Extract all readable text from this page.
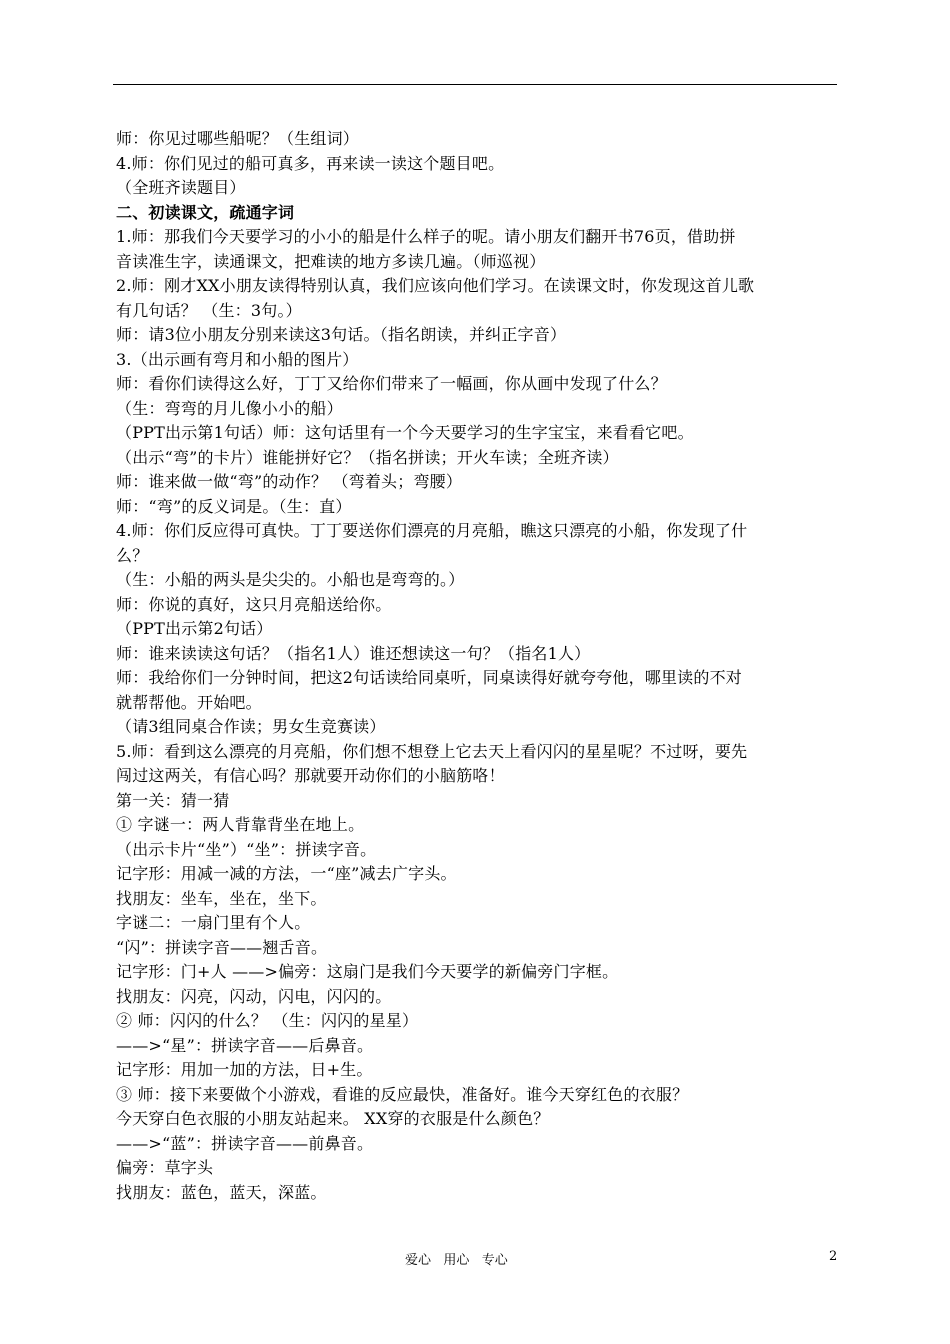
师：你见过哪些船呢？（生组词）
4.师：你们见过的船可真多，再来读一读这个题目吧。
（全班齐读题目）
二、初读课文，疏通字词
1.师：那我们今天要学习的小小的船是什么样子的呢。请小朋友们翻开书76页，借助拼
音读准生字，读通课文，把难读的地方多读几遍。（师巡视）
2.师：刚才XX小朋友读得特别认真，我们应该向他们学习。在读课文时，你发现这首儿歌
有几句话？ （生：3句。）
师：请3位小朋友分别来读这3句话。（指名朗读，并纠正字音）
3.（出示画有弯月和小船的图片）
师：看你们读得这么好，丁丁又给你们带来了一幅画，你从画中发现了什么？
（生：弯弯的月儿像小小的船）
（PPT出示第1句话）师：这句话里有一个今天要学习的生字宝宝，来看看它吧。
（出示“弯”的卡片）谁能拼好它？（指名拼读；开火车读；全班齐读）
师：谁来做一做“弯”的动作？ （弯着头；弯腰）
师：“弯”的反义词是。（生：直）
4.师：你们反应得可真快。丁丁要送你们漂亮的月亮船，瞧这只漂亮的小船，你发现了什
么？
（生：小船的两头是尖尖的。小船也是弯弯的。）
师：你说的真好，这只月亮船送给你。
（PPT出示第2句话）
师：谁来读读这句话？（指名1人）谁还想读这一句？（指名1人）
师：我给你们一分钟时间，把这2句话读给同桌听，同桌读得好就夸夸他，哪里读的不对
就帮帮他。开始吧。
（请3组同桌合作读；男女生竞赛读）
5.师：看到这么漂亮的月亮船，你们想不想登上它去天上看闪闪的星星呢？不过呀，要先
闯过这两关，有信心吗？那就要开动你们的小脑筋咯！
第一关：猜一猜
① 字谜一：两人背靠背坐在地上。
（出示卡片“坐”）“坐”：拼读字音。
记字形：用减一减的方法，一“座”减去广字头。
找朋友：坐车，坐在，坐下。
字谜二：一扇门里有个人。
“闪”：拼读字音——翘舌音。
记字形：门+人 ——>偏旁：这扇门是我们今天要学的新偏旁门字框。
找朋友：闪亮，闪动，闪电，闪闪的。
② 师：闪闪的什么？ （生：闪闪的星星）
——>“星”：拼读字音——后鼻音。
记字形：用加一加的方法，日+生。
③ 师：接下来要做个小游戏，看谁的反应最快，准备好。谁今天穿红色的衣服？
今天穿白色衣服的小朋友站起来。 XX穿的衣服是什么颜色？
——>“蓝”：拼读字音——前鼻音。
偏旁：草字头
找朋友：蓝色，蓝天，深蓝。
爱心   用心   专心	2
